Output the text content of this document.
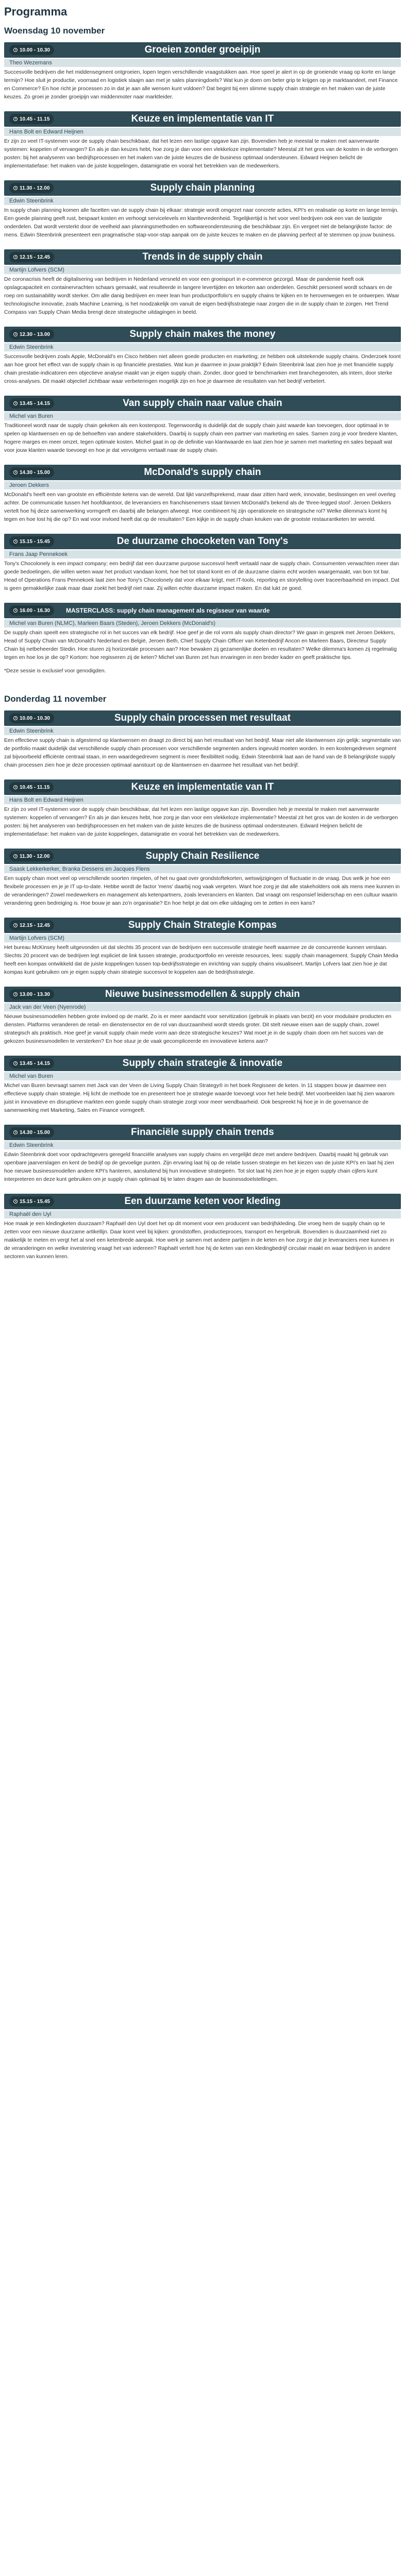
Programma
Woensdag 10 november
10.00 - 10.30	Groeien zonder groeipijn
Theo Wezemans

Succesvolle bedrijven die het middensegment ontgroeien, lopen tegen verschillende vraagstukken aan. Hoe speel je alert in op de groeiende vraag op korte en lange termijn? Hoe sluit je productie, voorraad en logistiek slaajm aan met je sales planningdoels? Wat kun je doen om beter grip te krijgen op je marktaandeel, met Finance en Commerce? En hoe richt je processen zo in dat je aan alle wensen kunt voldoen? Dat begint bij een slimme supply chain strategie en het maken van de juiste keuzes. Zo groei je zonder groeipijn van middenmoter naar marktleider.

10.45 - 11.15	Keuze en implementatie van IT
Hans Bolt en Edward Heijnen

Er zijn zo veel IT-systemen voor de supply chain beschikbaar, dat het lezen een lastige opgave kan zijn. Bovendien heb je meestal te maken met aanverwante systemen: koppelen of vervangen? En als je dan keuzes hebt, hoe zorg je dan voor een vlekkeloze implementatie? Meestal zit het gros van de kosten in de verborgen posten: bij het analyseren van bedrijfsprocessen en het maken van de juiste keuzes die de business optimaal ondersteunen. Edward Heijnen belicht de implementatiefase: het maken van de juiste koppelingen, datamigratie en vooral het betrekken van de medewerkers.

11.30 - 12.00	Supply chain planning
Edwin Steenbrink

In supply chain planning komen alle facetten van de supply chain bij elkaar: strategie wordt omgezet naar concrete acties, KPI's en realisatie op korte en lange termijn. Een goede planning geeft rust, bespaart kosten en verhoogt servicelevels en klanttevredenheid. Tegelijkertijd is het voor veel bedrijven ook een van de lastigste onderdelen. Dat wordt versterkt door de veelheid aan planningsmethoden en softwareondersteuning die beschikbaar zijn. En vergeet niet de belangrijkste factor: de mens. Edwin Steenbrink presenteert een pragmatische stap-voor-stap aanpak om de juiste keuzes te maken en de planning perfect af te stemmen op jouw business.

12.15 - 12.45	Trends in de supply chain
Martijn Lofvers (SCM)

De coronacrisis heeft de digitalisering van bedrijven in Nederland versneld en voor een groeispurt in e-commerce gezorgd. Maar de pandemie heeft ook opslagcapaciteit en containervrachten schaars gemaakt, wat resulteerde in langere levertijden en tekorten aan onderdelen. Geschikt personeel wordt schaars en de roep om sustainability wordt sterker. Om alle danig bedrijven en meer lean hun productportfolio's en supply chains te kijken en te heroverwegen en te ontwerpen. Waar technologische innovatie, zoals Machine Learning, is het noodzakelijk om vanuit de eigen bedrijfsstrategie naar zorgen die in de supply chain te zorgen. Het Trend Compass van Supply Chain Media brengt deze strategische uitdagingen in beeld.

12.30 - 13.00	Supply chain makes the money
Edwin Steenbrink

Succesvolle bedrijven zoals Apple, McDonald's en Cisco hebben niet alleen goede producten en marketing; ze hebben ook uitstekende supply chains. Onderzoek toont aan hoe groot het effect van de supply chain is op financiële prestaties. Wat kun je daarmee in jouw praktijk? Edwin Steenbrink laat zien hoe je met financiële supply chain prestatie-indicatoren een objectieve analyse maakt van je eigen supply chain. Zonder, door goed te benchmarken met branchegenoten, als intern, door sterke cross-analyses. Dit maakt objectief zichtbaar waar verbeteringen mogelijk zijn en hoe je daarmee de resultaten van het bedrijf verbetert.

13.45 - 14.15	Van supply chain naar value chain
Michel van Buren

Traditioneel wordt naar de supply chain gekeken als een kostenpost. Tegenwoordig is duidelijk dat de supply chain juist waarde kan toevoegen, door optimaal in te spelen op klantwensen en op de behoeften van andere stakeholders. Daarbij is supply chain een partner van marketing en sales. Samen zorg je voor bredere klanten, hogere marges en meer omzet, tegen optimale kosten. Michel gaat in op de definitie van klantwaarde en laat zien hoe je samen met marketing en sales bepaalt wat voor jouw klanten waarde toevoegt en hoe je dat vervolgens vertaalt naar de supply chain.

14.30 - 15.00	McDonald's supply chain
Jeroen Dekkers

McDonald's heeft een van grootste en efficiëntste ketens van de wereld. Dat lijkt vanzelfsprekend, maar daar zitten hard werk, innovatie, beslissingen en veel overleg achter. De communicatie tussen het hoofdkantoor, de leveranciers en franchisenemers staat binnen McDonald's bekend als de 'three-legged stool'. Jeroen Dekkers vertelt hoe hij deze samenwerking vormgeeft en daarbij alle belangen afweegt. Hoe combineert hij zijn operationele en strategische rol? Welke dilemma's komt hij tegen en hoe lost hij die op? En wat voor invloed heeft dat op de resultaten? Een kijkje in de supply chain keuken van de grootste restaurantketen ter wereld.

15.15 - 15.45	De duurzame chocoketen van Tony's
Frans Jaap Pennekoek

Tony's Chocolonely is een impact company; een bedrijf dat een duurzame purpose succesvol heeft vertaald naar de supply chain. Consumenten verwachten meer dan goede bedoelingen, die willen weten waar het product vandaan komt, hoe het tot stand komt en of de duurzame claims echt worden waargemaakt, van bon tot bar. Head of Operations Frans Pennekoek laat zien hoe Tony's Chocolonely dat voor elkaar krijgt, met IT-tools, reporting en storytelling over traceerbaarheid en impact. Dat is geen gemakkelijke zaak maar daar zoekt het bedrijf niet naar. Zij willen echte duurzame impact maken. En dat lukt ze goed.

16.00 - 16.30	MASTERCLASS: supply chain management als regisseur van waarde
Michel van Buren (NLMC), Marleen Baars (Steden), Jeroen Dekkers (McDonald's)

De supply chain speelt een strategische rol in het succes van elk bedrijf. Hoe geef je die rol vorm als supply chain director? We gaan in gesprek met Jeroen Dekkers, Head of Supply Chain van McDonald's Nederland en België, Jeroen Beth, Chief Supply Chain Officer van Ketenbedrijf Ancon en Marleen Baars, Directeur Supply Chain bij netbeheerder Stedin. Hoe sturen zij horizontale processen aan? Hoe bewaken zij gezamenlijke doelen en resultaten? Welke dilemma's komen zij regelmatig tegen en hoe los je die op? Kortom: hoe regisseren zij de keten? Michel van Buren zet hun ervaringen in een breder kader en geeft praktische tips.

*Deze sessie is exclusief voor genodigden.

Donderdag 11 november
10.00 - 10.30	Supply chain processen met resultaat
Edwin Steenbrink

Een effectieve supply chain is afgestemd op klantwensen en draagt zo direct bij aan het resultaat van het bedrijf. Maar niet alle klantwensen zijn gelijk: segmentatie van de portfolio maakt duidelijk dat verschillende supply chain processen voor verschillende segmenten anders ingevuld moeten worden. In een kostengedreven segment zal bijvoorbeeld efficiënte centraal staan, in een waardegedreven segment is meer flexibiliteit nodig. Edwin Steenbrink laat aan de hand van de 8 belangrijkste supply chain processen zien hoe je deze processen optimaal aanstuurt op de klantwensen en daarmee het resultaat van het bedrijf.

10.45 - 11.15	Keuze en implementatie van IT
Hans Bolt en Edward Heijnen

Er zijn zo veel IT-systemen voor de supply chain beschikbaar, dat het lezen een lastige opgave kan zijn. Bovendien heb je meestal te maken met aanverwante systemen: koppelen of vervangen? En als je dan keuzes hebt, hoe zorg je dan voor een vlekkeloze implementatie? Meestal zit het gros van de kosten in de verborgen posten: bij het analyseren van bedrijfsprocessen en het maken van de juiste keuzes die de business optimaal ondersteunen. Edward Heijnen belicht de implementatiefase: het maken van de juiste koppelingen, datamigratie en vooral het betrekken van de medewerkers.

11.30 - 12.00	Supply Chain Resilience
Saask Lekkerkerker, Branka Dessens en Jacques Flens

Een supply chain moet veel op verschillende soorten rimpelen, of het nu gaat over grondstoftekorten, wetswijzigingen of fluctuatie in de vraag. Dus welk je hoe een flexibele processen en je je IT up-to-date. Hebbe wordt de factor 'mens' daarbij nog vaak vergeten. Want hoe zorg je dat alle stakeholders ook als mens mee kunnen in de veranderingen? Zowel medewerkers en management als ketenpartners, zoals leveranciers en klanten. Dat vraagt om responsief leiderschap en een cultuur waarin verandering geen bedreiging is. Hoe bouw je aan zo'n organisatie? En hoe helpt je dat om elke uitdaging om te zetten in een kans?

12.15 - 12.45	Supply Chain Strategie Kompas
Martijn Lofvers (SCM)

Het bureau McKinsey heeft uitgevonden uit dat slechts 35 procent van de bedrijven een succesvolle strategie heeft waarmee ze de concurrentie kunnen verslaan. Slechts 20 procent van de bedrijven legt expliciet de link tussen strategie, productportfolio en vereiste resources, lees: supply chain management. Supply Chain Media heeft een kompas ontwikkeld dat de juiste koppelingen tussen top-bedrijfsstrategie en inrichting van supply chains visualiseert. Martijn Lofvers laat zien hoe je dat kompas kunt gebruiken om je eigen supply chain strategie succesvol te koppelen aan de bedrijfsstrategie.

13.00 - 13.30	Nieuwe businessmodellen & supply chain
Jack van der Veen (Nyenrode)

Nieuwe businessmodellen hebben grote invloed op de markt. Zo is er meer aandacht voor servitization (gebruik in plaats van bezit) en voor modulaire producten en diensten. Platforms veranderen de retail- en dienstensector en de rol van duurzaamheid wordt steeds groter. Dit stelt nieuwe eisen aan de supply chain, zowel strategisch als praktisch. Hoe geef je vanuit supply chain mede vorm aan deze strategische keuzes? Wat moet je in de supply chain doen om het succes van de gekozen businessmodellen te versterken? En hoe stuur je de vaak gecompliceerde en innovatieve ketens aan?

13.45 - 14.15	Supply chain strategie & innovatie
Michel van Buren

Michel van Buren bevraagt samen met Jack van der Veen de Living Supply Chain Strategy® in het boek Regisseer de keten. In 11 stappen bouw je daarmee een effectieve supply chain strategie. Hij licht de methode toe en presenteert hoe je strategie waarde toevoegt voor het hele bedrijf. Met voorbeelden laat hij zien waarom juist in innovatieve en disruptieve markten een goede supply chain strategie zorgt voor meer wendbaarheid. Ook bespreekt hij hoe je in de governance de samenwerking met Marketing, Sales en Finance vormgeeft.

14.30 - 15.00	Financiële supply chain trends
Edwin Steenbrink

Edwin Steenbrink doet voor opdrachtgevers geregeld financiële analyses van supply chains en vergelijkt deze met andere bedrijven. Daarbij maakt hij gebruik van openbare jaarverslagen en kent de bedrijf op de gevoelige punten. Zijn ervaring laat hij op de relatie tussen strategie en het kiezen van de juiste KPI's en laat hij zien hoe nieuwe businessmodellen andere KPI's hanteren, aansluitend bij hun innovatieve strategieën. Tot slot laat hij zien hoe je je eigen supply chain cijfers kunt interpreteren en deze kunt gebruiken om je supply chain optimaal bij te laten dragen aan de businessdoelstellingen.

15.15 - 15.45	Een duurzame keten voor kleding
Raphaël den Uyl

Hoe maak je een kledingketen duurzaam? Raphaël den Uyl doet het op dit moment voor een producent van bedrijfskleding. Die vroeg hem de supply chain op te zetten voor een nieuwe duurzame artikellijn. Daar komt veel bij kijken: grondstoffen, productieproces, transport en hergebruik. Bovendien is duurzaamheid niet zo makkelijk te meten en vergt het al snel een ketenbrede aanpak. Hoe werk je samen met andere partijen in de keten en hoe zorg je dat je leveranciers mee kunnen in de veranderingen en welke investering vraagt het van iedereen? Raphaël vertelt hoe hij de keten van een kledingbedrijf circulair maakt en waar bedrijven in andere sectoren van kunnen leren.
